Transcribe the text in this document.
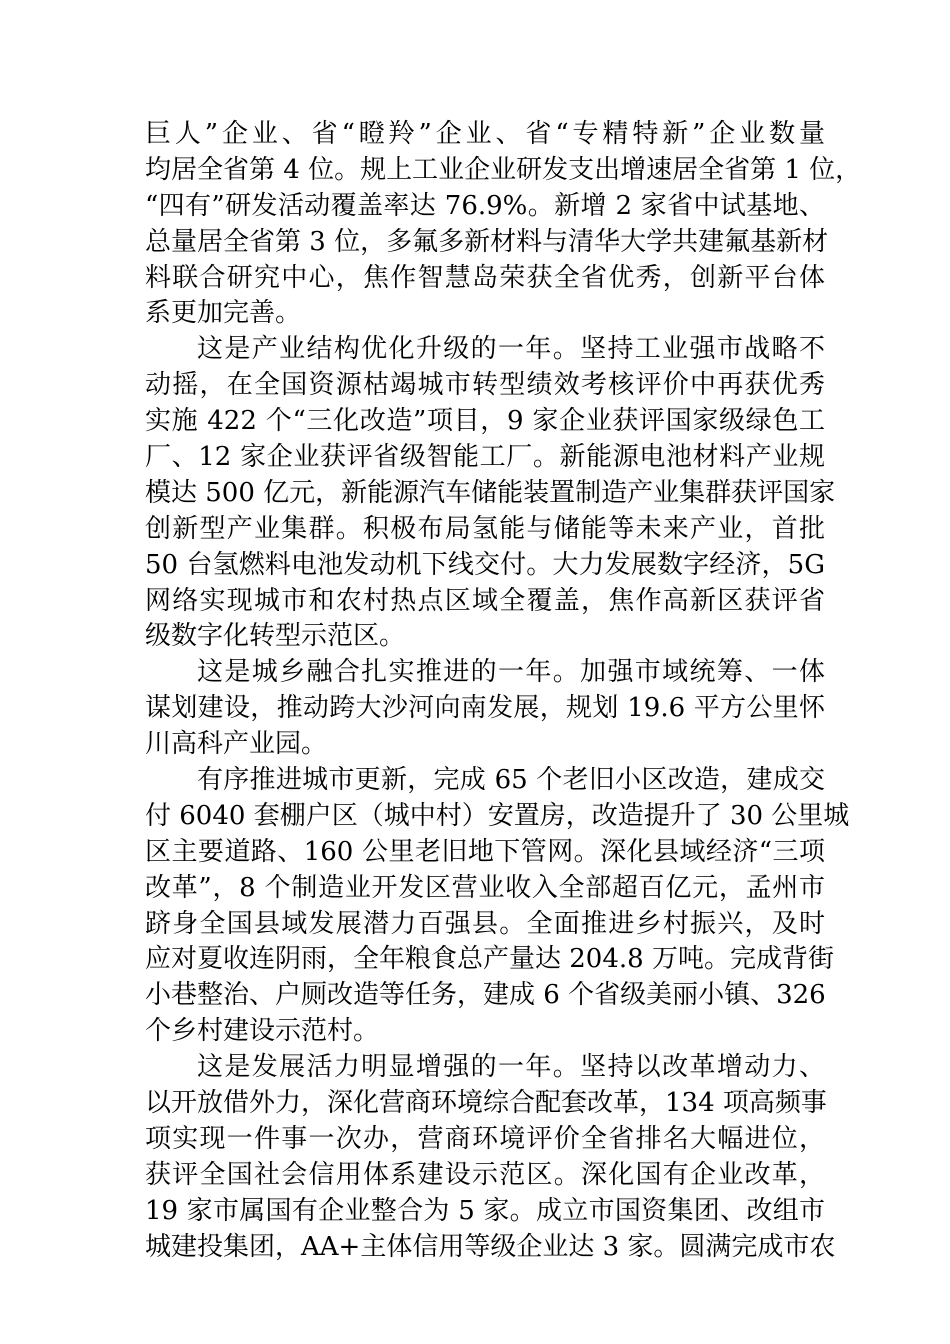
巨人”企业、省“瞪羚”企业、省“专精特新”企业数量
均居全省第 4 位。规上工业企业研发支出增速居全省第 1 位，
“四有”研发活动覆盖率达 76.9%。新增 2 家省中试基地、
总量居全省第 3 位，多氟多新材料与清华大学共建氟基新材
料联合研究中心，焦作智慧岛荣获全省优秀，创新平台体
系更加完善。
这是产业结构优化升级的一年。坚持工业强市战略不
动摇，在全国资源枯竭城市转型绩效考核评价中再获优秀
实施 422 个“三化改造”项目，9 家企业获评国家级绿色工
厂、12 家企业获评省级智能工厂。新能源电池材料产业规
模达 500 亿元，新能源汽车储能装置制造产业集群获评国家
创新型产业集群。积极布局氢能与储能等未来产业，首批
50 台氢燃料电池发动机下线交付。大力发展数字经济，5G
网络实现城市和农村热点区域全覆盖，焦作高新区获评省
级数字化转型示范区。
这是城乡融合扎实推进的一年。加强市域统筹、一体
谋划建设，推动跨大沙河向南发展，规划 19.6 平方公里怀
川高科产业园。
有序推进城市更新，完成 65 个老旧小区改造，建成交
付 6040 套棚户区（城中村）安置房，改造提升了 30 公里城
区主要道路、160 公里老旧地下管网。深化县域经济“三项
改革”，8 个制造业开发区营业收入全部超百亿元，孟州市
跻身全国县域发展潜力百强县。全面推进乡村振兴，及时
应对夏收连阴雨，全年粮食总产量达 204.8 万吨。完成背街
小巷整治、户厕改造等任务，建成 6 个省级美丽小镇、326
个乡村建设示范村。
这是发展活力明显增强的一年。坚持以改革增动力、
以开放借外力，深化营商环境综合配套改革，134 项高频事
项实现一件事一次办，营商环境评价全省排名大幅进位，
获评全国社会信用体系建设示范区。深化国有企业改革，
19 家市属国有企业整合为 5 家。成立市国资集团、改组市
城建投集团，AA+主体信用等级企业达 3 家。圆满完成市农
